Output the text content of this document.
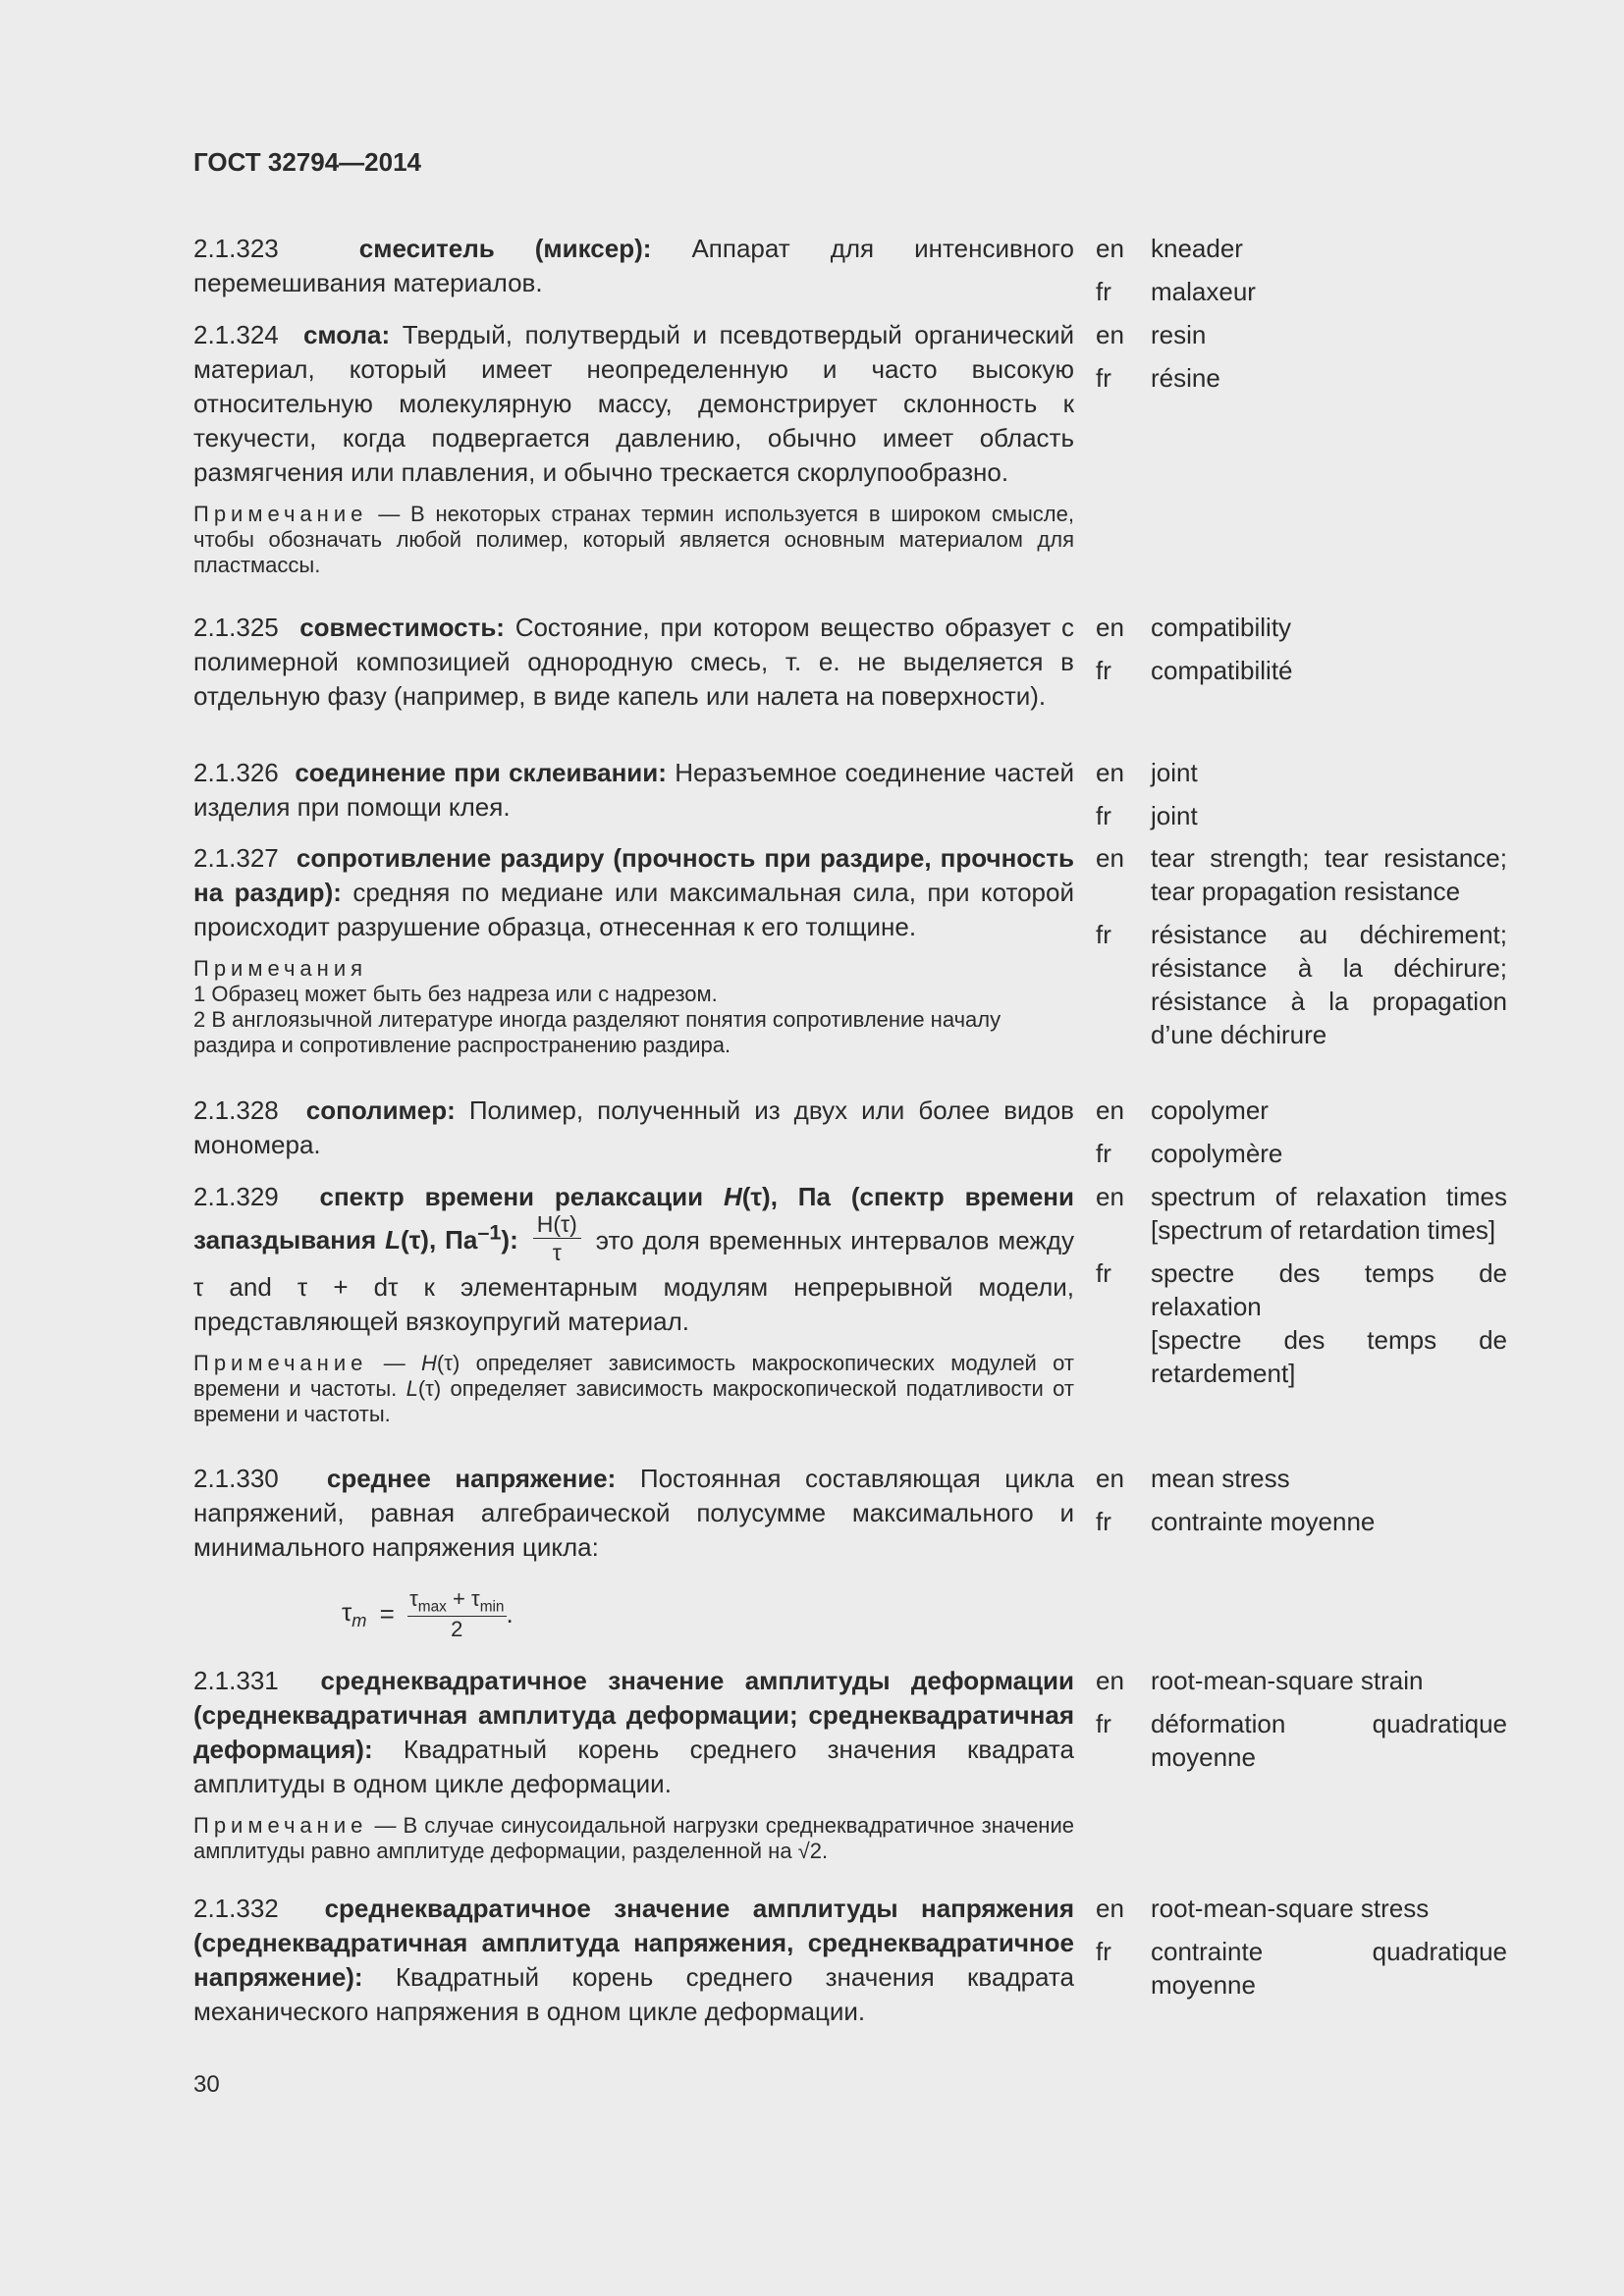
ГОСТ 32794—2014

2.1.323	смеситель (миксер): Аппарат для интенсивного перемешивания материалов.

en	kneader
fr	malaxeur

2.1.324 смола: Твердый, полутвердый и псевдотвердый органический материал, который имеет неопределенную и часто высокую относительную молекулярную массу, демонстрирует склонность к текучести, когда подвергается давлению, обычно имеет область размягчения или плавления, и обычно трескается скорлупообразно.

Примечание — В некоторых странах термин используется в широком смысле, чтобы обозначать любой полимер, который является основным материалом для пластмассы.

en	resin
fr	résine

2.1.325 совместимость: Состояние, при котором вещество образует с полимерной композицией однородную смесь, т. е. не выделяется в отдельную фазу (например, в виде капель или налета на поверхности).

en	compatibility
fr	compatibilité

2.1.326 соединение при склеивании: Неразъемное соединение частей изделия при помощи клея.

en	joint
fr	joint

2.1.327 сопротивление раздиру (прочность при раздире, прочность на раздир): средняя по медиане или максимальная сила, при которой происходит разрушение образца, отнесенная к его толщине.

Примечания
1 Образец может быть без надреза или с надрезом.
2 В англоязычной литературе иногда разделяют понятия сопротивление началу раздира и сопротивление распространению раздира.

en	tear strength; tear resistance; tear propagation resistance
fr	résistance au déchirement; résistance à la déchirure; résistance à la propagation d’une déchirure

2.1.328 сополимер: Полимер, полученный из двух или более видов мономера.

en	copolymer
fr	copolymère

2.1.329 спектр времени релаксации H(τ), Па (спектр времени запаздывания L(τ), $Па^{-1}$): $\frac{H(\tau)}{\tau}$ это доля временных интервалов между τ and τ + dτ к элементарным модулям непрерывной модели, представляющей вязкоупругий материал.

Примечание — H(τ) определяет зависимость макроскопических модулей от времени и частоты. L(τ) определяет зависимость макроскопической податливости от времени и частоты.

en	spectrum of relaxation times [spectrum of retardation times]
fr	spectre des temps de relaxation
[spectre des temps de retardement]

2.1.330 среднее напряжение: Постоянная составляющая цикла напряжений, равная алгебраической полусумме максимального и минимального напряжения цикла:

en	mean stress
fr	contrainte moyenne
$\tau_m$ =
$\tau_{max} + \tau_{min}$
2
.

2.1.331 среднеквадратичное значение амплитуды деформации (среднеквадратичная амплитуда деформации; среднеквадратичная деформация): Квадратный корень среднего значения квадрата амплитуды в одном цикле деформации.

Примечание — В случае синусоидальной нагрузки среднеквадратичное значение амплитуды равно амплитуде деформации, разделенной на √2.

en	root-mean-square strain
fr	déformation quadratique moyenne

2.1.332 среднеквадратичное значение амплитуды напряжения (среднеквадратичная амплитуда напряжения, среднеквадратичное напряжение): Квадратный корень среднего значения квадрата механического напряжения в одном цикле деформации.

en	root-mean-square stress
fr	contrainte quadratique moyenne
30
